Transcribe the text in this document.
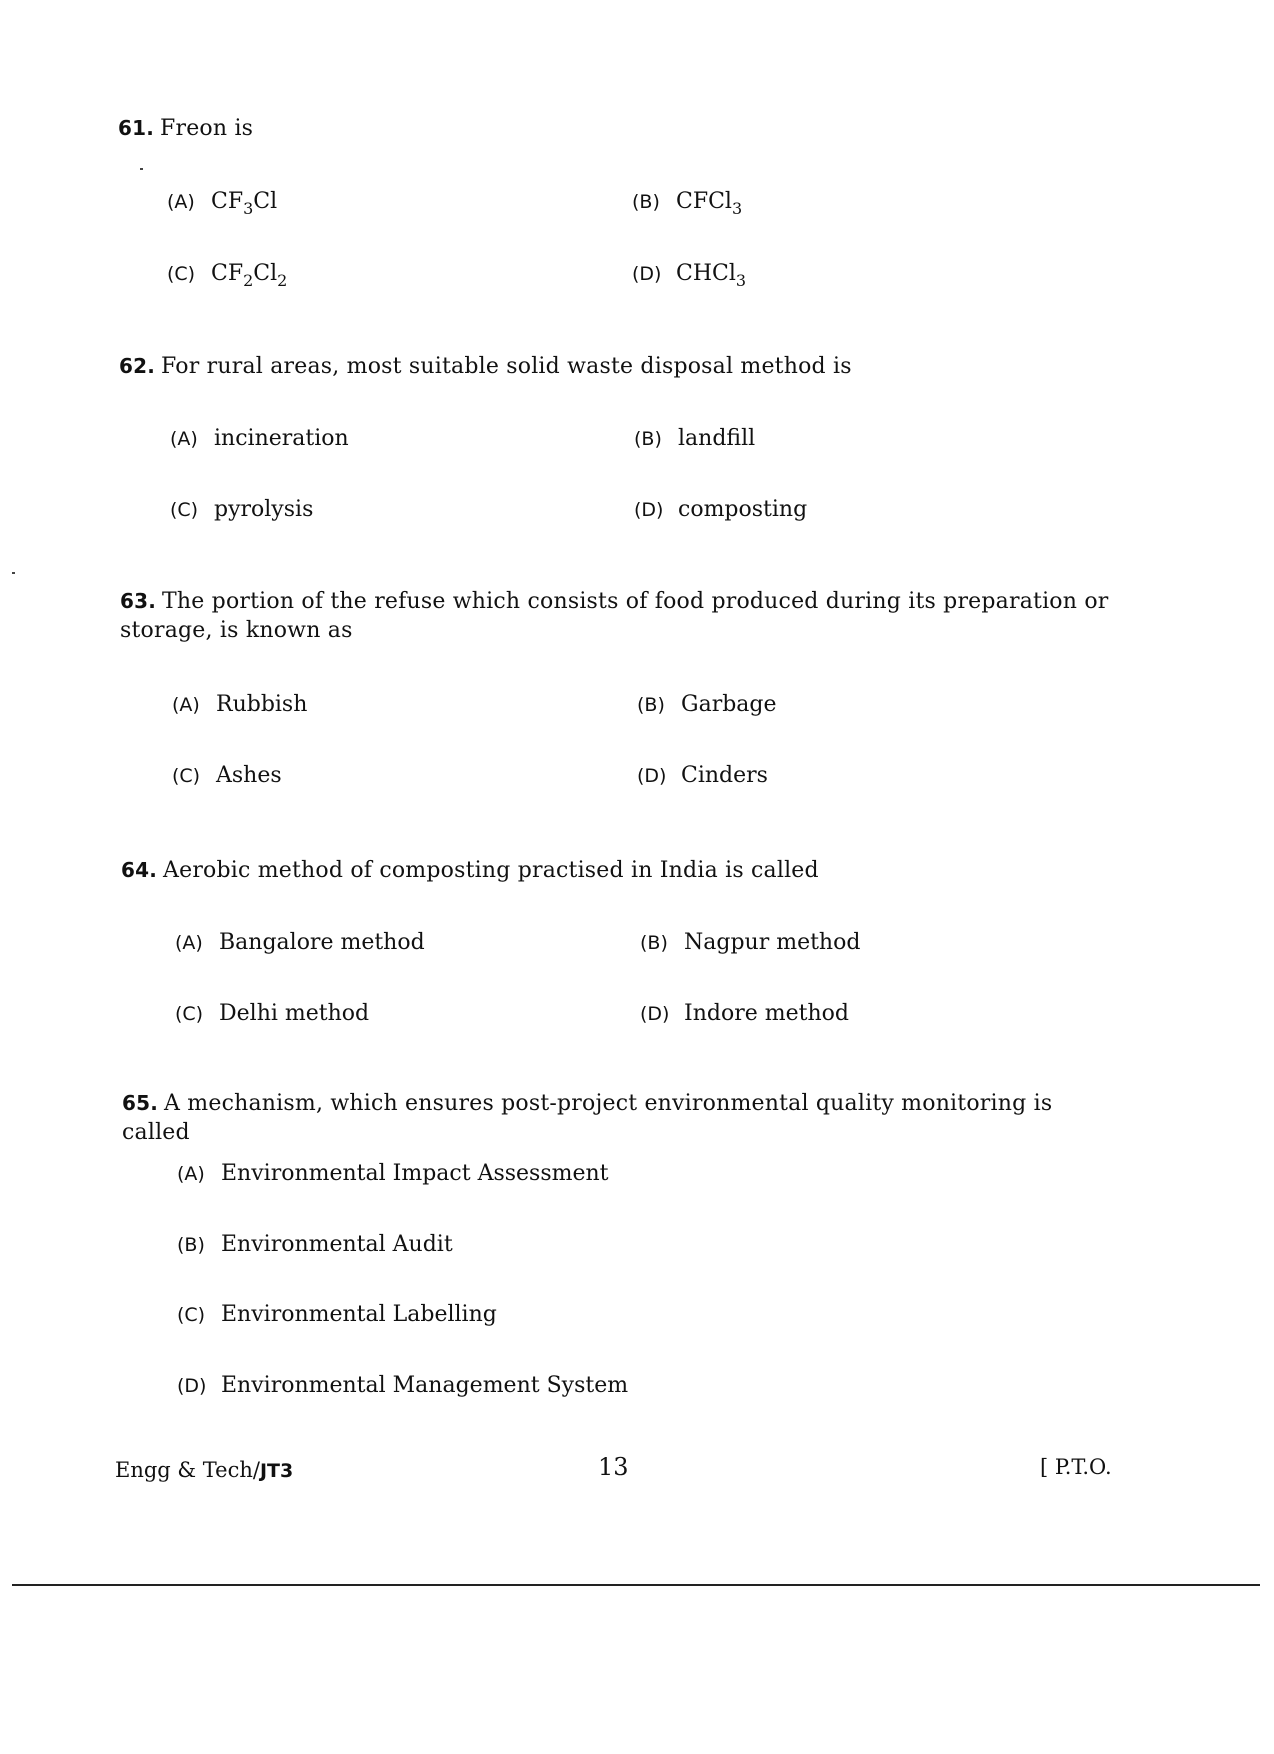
61. Freon is
(A) $CF_3Cl$	(B) CFCl$_3$
(C) $CF_2Cl_2$	(D) CHCl$_3$
62. For rural areas, most suitable solid waste disposal method is
(A) incineration	(B) landfill
(C) pyrolysis	(D) composting
63. The portion of the refuse which consists of food produced during its preparation or storage, is known as
(A) Rubbish	(B) Garbage
(C) Ashes	(D) Cinders
64. Aerobic method of composting practised in India is called
(A) Bangalore method	(B) Nagpur method
(C) Delhi method	(D) Indore method
65. A mechanism, which ensures post-project environmental quality monitoring is called
(A) Environmental Impact Assessment
(B) Environmental Audit
(C) Environmental Labelling
(D) Environmental Management System
Engg & Tech/JT3	13	[ P.T.O.
